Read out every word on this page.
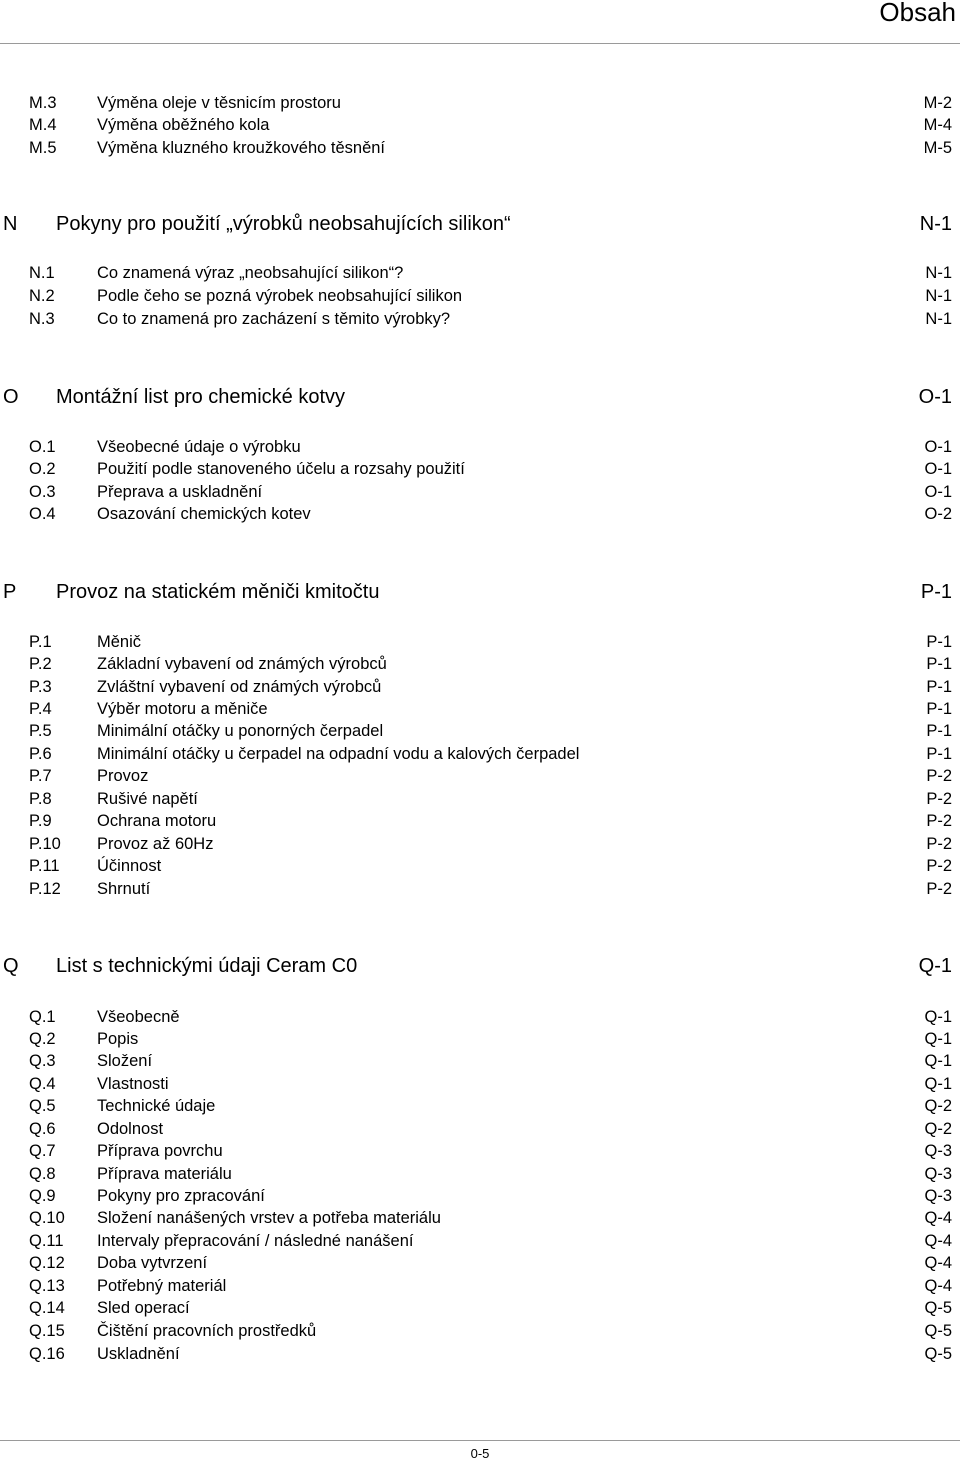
Obsah
M.3 Výměna oleje v těsnicím prostoru	M-2
M.4 Výměna oběžného kola	M-4
M.5 Výměna kluzného kroužkového těsnění	M-5
N Pokyny pro použití „výrobků neobsahujících silikon“	N-1
N.1	Co znamená výraz „neobsahující silikon“?	N-1
N.2	Podle čeho se pozná výrobek neobsahující silikon	N-1
N.3	Co to znamená pro zacházení s těmito výrobky?	N-1
O Montážní list pro chemické kotvy	O-1
O.1	Všeobecné údaje o výrobku	O-1
O.2	Použití podle stanoveného účelu a rozsahy použití	O-1
O.3	Přeprava a uskladnění	O-1
O.4	Osazování chemických kotev	O-2
P Provoz na statickém měniči kmitočtu	P-1
P.1	Měnič	P-1
P.2	Základní vybavení od známých výrobců	P-1
P.3	Zvláštní vybavení od známých výrobců	P-1
P.4	Výběr motoru a měniče	P-1
P.5	Minimální otáčky u ponorných čerpadel	P-1
P.6	Minimální otáčky u čerpadel na odpadní vodu a kalových čerpadel	P-1
P.7	Provoz	P-2
P.8	Rušivé napětí	P-2
P.9	Ochrana motoru	P-2
P.10 Provoz až 60Hz	P-2
P.11 Účinnost	P-2
P.12 Shrnutí	P-2
Q List s technickými údaji Ceram C0	Q-1
Q.1	Všeobecně	Q-1
Q.2	Popis	Q-1
Q.3	Složení	Q-1
Q.4	Vlastnosti	Q-1
Q.5	Technické údaje	Q-2
Q.6	Odolnost	Q-2
Q.7	Příprava povrchu	Q-3
Q.8	Příprava materiálu	Q-3
Q.9	Pokyny pro zpracování	Q-3
Q.10 Složení nanášených vrstev a potřeba materiálu	Q-4
Q.11 Intervaly přepracování / následné nanášení	Q-4
Q.12 Doba vytvrzení	Q-4
Q.13 Potřebný materiál	Q-4
Q.14 Sled operací	Q-5
Q.15 Čištění pracovních prostředků	Q-5
Q.16 Uskladnění	Q-5
0-5
